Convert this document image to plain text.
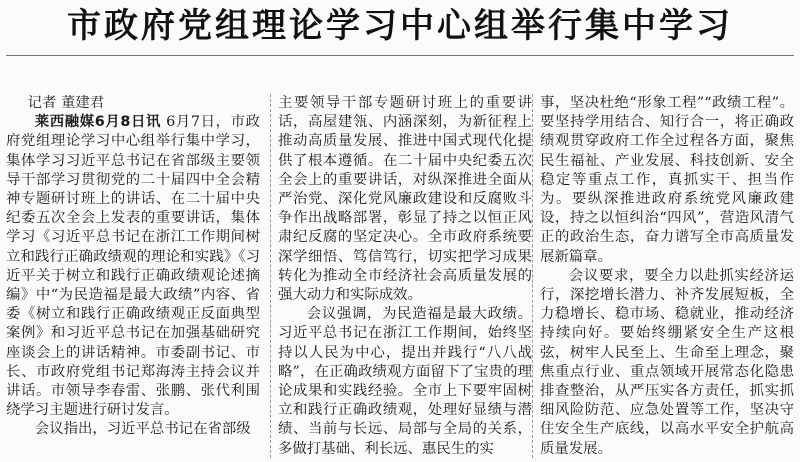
市政府党组理论学习中心组举行集中学习
记者 董建君

莱西融媒6月8日讯 6月7日，市政府党组理论学习中心组举行集中学习，集体学习习近平总书记在省部级主要领导干部学习贯彻党的二十届四中全会精神专题研讨班上的讲话、在二十届中央纪委五次全会上发表的重要讲话，集体学习《习近平总书记在浙江工作期间树立和践行正确政绩观的理论和实践》《习近平关于树立和践行正确政绩观论述摘编》中“为民造福是最大政绩”内容、省委《树立和践行正确政绩观正反面典型案例》和习近平总书记在加强基础研究座谈会上的讲话精神。市委副书记、市长、市政府党组书记郑海涛主持会议并讲话。市领导李春雷、张鹏、张代利围绕学习主题进行研讨发言。

会议指出，习近平总书记在省部级

主要领导干部专题研讨班上的重要讲话，高屋建瓴、内涵深刻，为新征程上推动高质量发展、推进中国式现代化提供了根本遵循。在二十届中央纪委五次全会上的重要讲话，对纵深推进全面从严治党、深化党风廉政建设和反腐败斗争作出战略部署，彰显了持之以恒正风肃纪反腐的坚定决心。全市政府系统要深学细悟、笃信笃行，切实把学习成果转化为推动全市经济社会高质量发展的强大动力和实际成效。

会议强调，为民造福是最大政绩。习近平总书记在浙江工作期间，始终坚持以人民为中心，提出并践行“八八战略”，在正确政绩观方面留下了宝贵的理论成果和实践经验。全市上下要牢固树立和践行正确政绩观，处理好显绩与潜绩、当前与长远、局部与全局的关系，多做打基础、利长远、惠民生的实

事，坚决杜绝“形象工程”“政绩工程”。要坚持学用结合、知行合一，将正确政绩观贯穿政府工作全过程各方面，聚焦民生福祉、产业发展、科技创新、安全稳定等重点工作，真抓实干、担当作为。要纵深推进政府系统党风廉政建设，持之以恒纠治“四风”，营造风清气正的政治生态，奋力谱写全市高质量发展新篇章。

会议要求，要全力以赴抓实经济运行，深挖增长潜力、补齐发展短板，全力稳增长、稳市场、稳就业，推动经济持续向好。要始终绷紧安全生产这根弦，树牢人民至上、生命至上理念，聚焦重点行业、重点领域开展常态化隐患排查整治，从严压实各方责任，抓实抓细风险防范、应急处置等工作，坚决守住安全生产底线，以高水平安全护航高质量发展。
